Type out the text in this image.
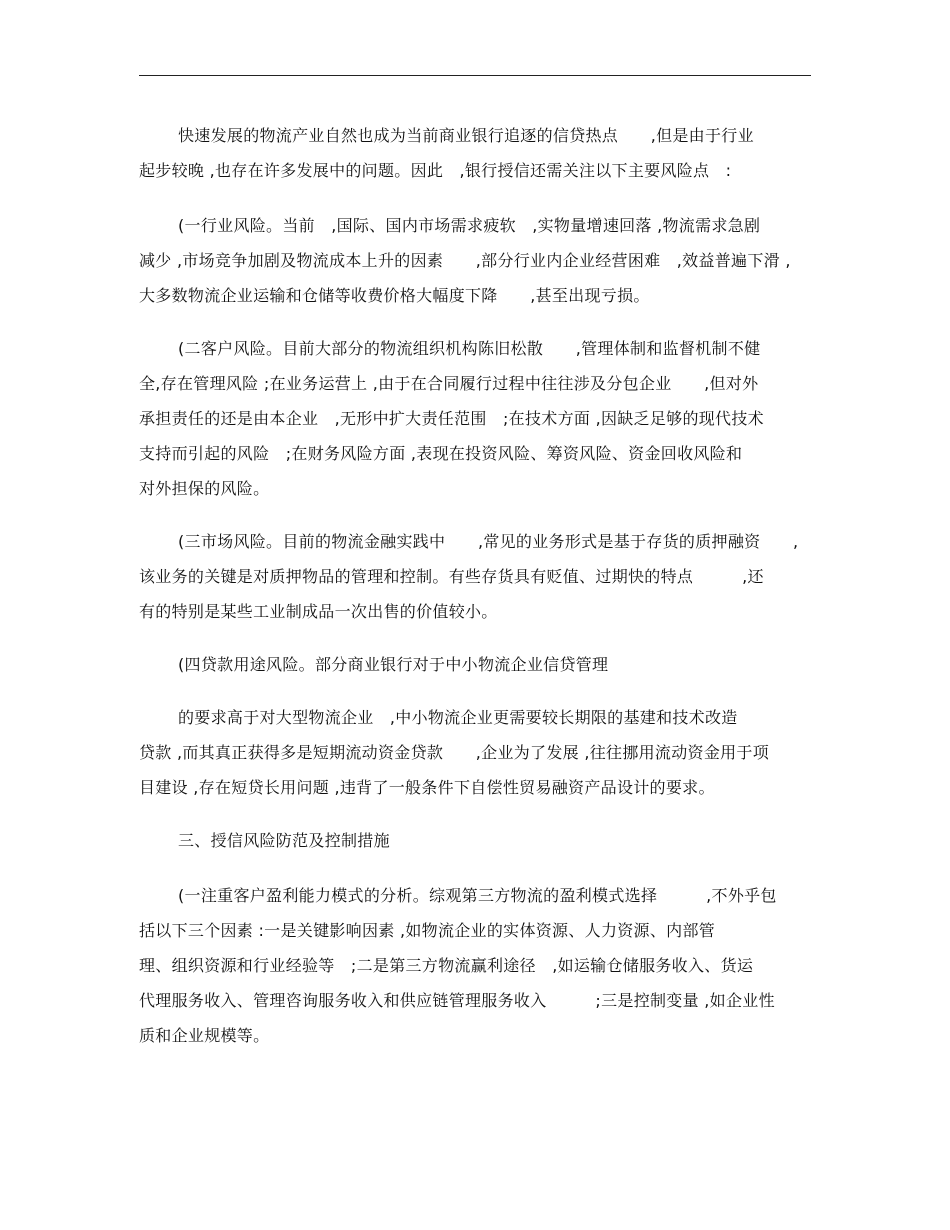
快速发展的物流产业自然也成为当前商业银行追逐的信贷热点　　,但是由于行业
起步较晚 ,也存在许多发展中的问题。因此　,银行授信还需关注以下主要风险点　:
(一行业风险。当前　,国际、国内市场需求疲软　,实物量增速回落 ,物流需求急剧
减少 ,市场竞争加剧及物流成本上升的因素　　,部分行业内企业经营困难　,效益普遍下滑 ,
大多数物流企业运输和仓储等收费价格大幅度下降　　,甚至出现亏损。
(二客户风险。目前大部分的物流组织机构陈旧松散　　,管理体制和监督机制不健
全,存在管理风险 ;在业务运营上 ,由于在合同履行过程中往往涉及分包企业　　,但对外
承担责任的还是由本企业　,无形中扩大责任范围　;在技术方面 ,因缺乏足够的现代技术
支持而引起的风险　;在财务风险方面 ,表现在投资风险、筹资风险、资金回收风险和
对外担保的风险。
(三市场风险。目前的物流金融实践中　　,常见的业务形式是基于存货的质押融资　　,
该业务的关键是对质押物品的管理和控制。有些存货具有贬值、过期快的特点　　　,还
有的特别是某些工业制成品一次出售的价值较小。
(四贷款用途风险。部分商业银行对于中小物流企业信贷管理
的要求高于对大型物流企业　,中小物流企业更需要较长期限的基建和技术改造
贷款 ,而其真正获得多是短期流动资金贷款　　,企业为了发展 ,往往挪用流动资金用于项
目建设 ,存在短贷长用问题 ,违背了一般条件下自偿性贸易融资产品设计的要求。
三、授信风险防范及控制措施
(一注重客户盈利能力模式的分析。综观第三方物流的盈利模式选择　　　,不外乎包
括以下三个因素 :一是关键影响因素 ,如物流企业的实体资源、人力资源、内部管
理、组织资源和行业经验等　;二是第三方物流赢利途径　,如运输仓储服务收入、货运
代理服务收入、管理咨询服务收入和供应链管理服务收入　　　;三是控制变量 ,如企业性
质和企业规模等。
